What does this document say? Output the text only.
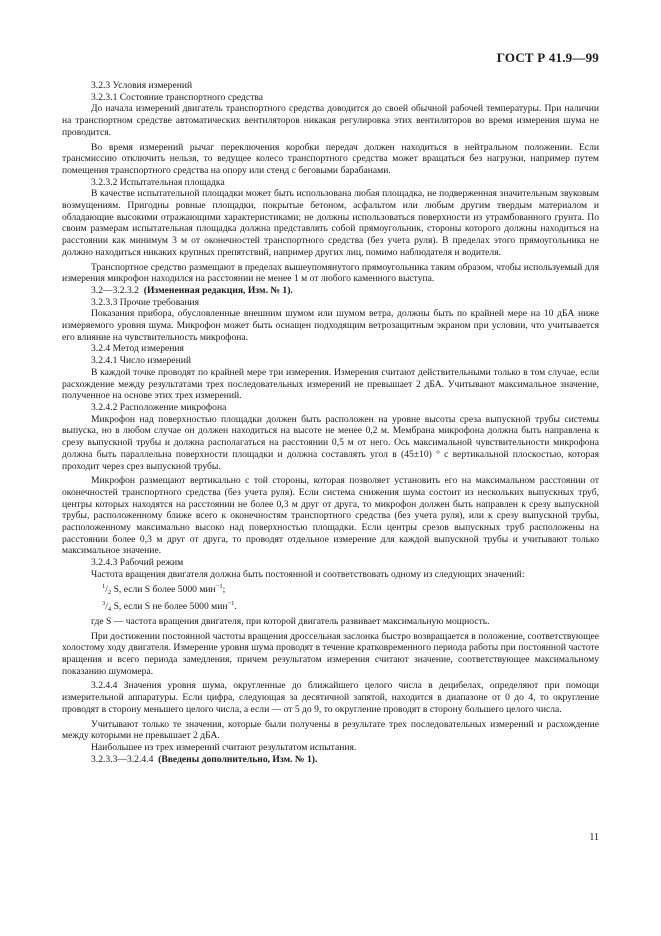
ГОСТ Р 41.9—99

3.2.3 Условия измерений

3.2.3.1 Состояние транспортного средства

До начала измерений двигатель транспортного средства доводится до своей обычной рабочей температуры. При наличии на транспортном средстве автоматических вентиляторов никакая регулировка этих вентиляторов во время измерения шума не проводится.

Во время измерений рычаг переключения коробки передач должен находиться в нейтральном положении. Если трансмиссию отключить нельзя, то ведущее колесо транспортного средства может вращаться без нагрузки, например путем помещения транспортного средства на опору или стенд с беговыми барабанами.

3.2.3.2 Испытательная площадка

В качестве испытательной площадки может быть использована любая площадка, не подверженная значительным звуковым возмущениям. Пригодны ровные площадки, покрытые бетоном, асфальтом или любым другим твердым материалом и обладающие высокими отражающими характеристиками; не должны использоваться поверхности из утрамбованного грунта. По своим размерам испытательная площадка должна представлять собой прямоугольник, стороны которого должны находиться на расстоянии как минимум 3 м от оконечностей транспортного средства (без учета руля). В пределах этого прямоугольника не должно находиться никаких крупных препятствий, например других лиц, помимо наблюдателя и водителя.

Транспортное средство размещают в пределах вышеупомянутого прямоугольника таким образом, чтобы используемый для измерения микрофон находился на расстоянии не менее 1 м от любого каменного выступа.

3.2—3.2.3.2 (Измененная редакция, Изм. № 1).

3.2.3.3 Прочие требования

Показания прибора, обусловленные внешним шумом или шумом ветра, должны быть по крайней мере на 10 дБА ниже измеряемого уровня шума. Микрофон может быть оснащен подходящим ветрозащитным экраном при условии, что учитывается его влияние на чувствительность микрофона.

3.2.4 Метод измерения

3.2.4.1 Число измерений

В каждой точке проводят по крайней мере три измерения. Измерения считают действительными только в том случае, если расхождение между результатами трех последовательных измерений не превышает 2 дБА. Учитывают максимальное значение, полученное на основе этих трех измерений.

3.2.4.2 Расположение микрофона

Микрофон над поверхностью площадки должен быть расположен на уровне высоты среза выпускной трубы системы выпуска, но в любом случае он должен находиться на высоте не менее 0,2 м. Мембрана микрофона должна быть направлена к срезу выпускной трубы и должна располагаться на расстоянии 0,5 м от него. Ось максимальной чувствительности микрофона должна быть параллельна поверхности площадки и должна составлять угол в (45±10) ° с вертикальной плоскостью, которая проходит через срез выпускной трубы.

Микрофон размещают вертикально с той стороны, которая позволяет установить его на максимальном расстоянии от оконечностей транспортного средства (без учета руля). Если система снижения шума состоит из нескольких выпускных труб, центры которых находятся на расстоянии не более 0,3 м друг от друга, то микрофон должен быть направлен к срезу выпускной трубы, расположенному ближе всего к оконечностям транспортного средства (без учета руля), или к срезу выпускной трубы, расположенному максимально высоко над поверхностью площадки. Если центры срезов выпускных труб расположены на расстоянии более 0,3 м друг от друга, то проводят отдельное измерение для каждой выпускной трубы и учитывают только максимальное значение.

3.2.4.3 Рабочий режим

Частота вращения двигателя должна быть постоянной и соответствовать одному из следующих значений:

$^1/_2$ S, если S более 5000 мин$^{-1}$;

$^3/_4$ S, если S не более 5000 мин$^{-1}$.

где S — частота вращения двигателя, при которой двигатель развивает максимальную мощность.

При достижении постоянной частоты вращения дроссельная заслонка быстро возвращается в положение, соответствующее холостому ходу двигателя. Измерение уровня шума проводят в течение кратковременного периода работы при постоянной частоте вращения и всего периода замедления, причем результатом измерения считают значение, соответствующее максимальному показанию шумомера.

3.2.4.4 Значения уровня шума, округленные до ближайшего целого числа в децибелах, определяют при помощи измерительной аппаратуры. Если цифра, следующая за десятичной запятой, находится в диапазоне от 0 до 4, то округление проводят в сторону меньшего целого числа, а если — от 5 до 9, то округление проводят в сторону большего целого числа.

Учитывают только те значения, которые были получены в результате трех последовательных измерений и расхождение между которыми не превышает 2 дБА.

Наибольшее из трех измерений считают результатом испытания.

3.2.3.3—3.2.4.4 (Введены дополнительно, Изм. № 1).

11
